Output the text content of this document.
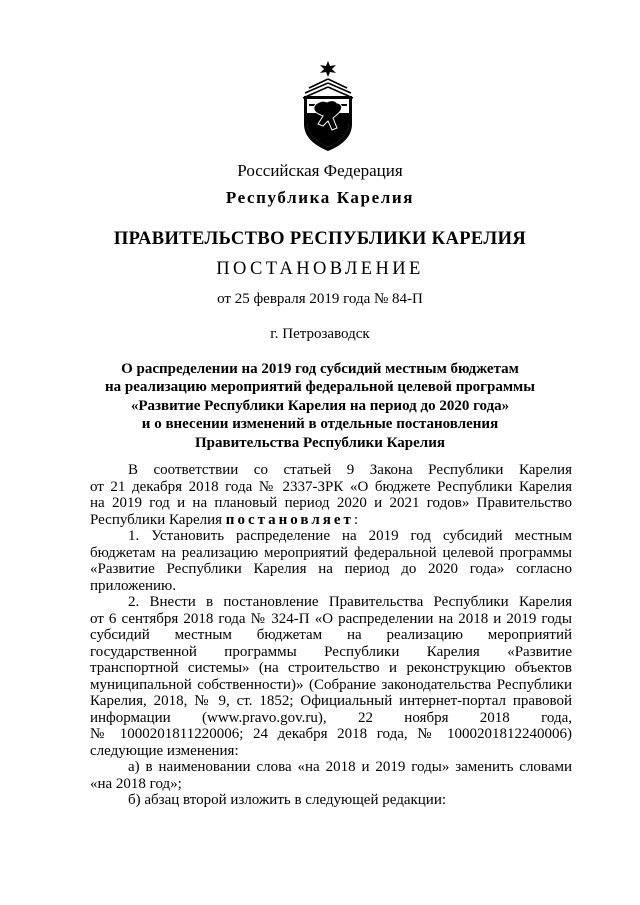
Российская Федерация
Республика Карелия
ПРАВИТЕЛЬСТВО РЕСПУБЛИКИ КАРЕЛИЯ
ПОСТАНОВЛЕНИЕ
от 25 февраля 2019 года № 84-П
г. Петрозаводск
О распределении на 2019 год субсидий местным бюджетам
на реализацию мероприятий федеральной целевой программы
«Развитие Республики Карелия на период до 2020 года»
и о внесении изменений в отдельные постановления
Правительства Республики Карелия

В соответствии со статьей 9 Закона Республики Карелия
от 21 декабря 2018 года № 2337-ЗРК «О бюджете Республики Карелия
на 2019 год и на плановый период 2020 и 2021 годов» Правительство
Республики Карелия постановляет:

1. Установить распределение на 2019 год субсидий местным
бюджетам на реализацию мероприятий федеральной целевой программы
«Развитие Республики Карелия на период до 2020 года» согласно
приложению.

2. Внести в постановление Правительства Республики Карелия
от 6 сентября 2018 года № 324-П «О распределении на 2018 и 2019 годы
субсидий местным бюджетам на реализацию мероприятий
государственной программы Республики Карелия «Развитие
транспортной системы» (на строительство и реконструкцию объектов
муниципальной собственности)» (Собрание законодательства Республики
Карелия, 2018, № 9, ст. 1852; Официальный интернет-портал правовой
информации (www.pravo.gov.ru), 22 ноября 2018 года,
№ 1000201811220006; 24 декабря 2018 года, № 1000201812240006)
следующие изменения:

а) в наименовании слова «на 2018 и 2019 годы» заменить словами
«на 2018 год»;

б) абзац второй изложить в следующей редакции:
